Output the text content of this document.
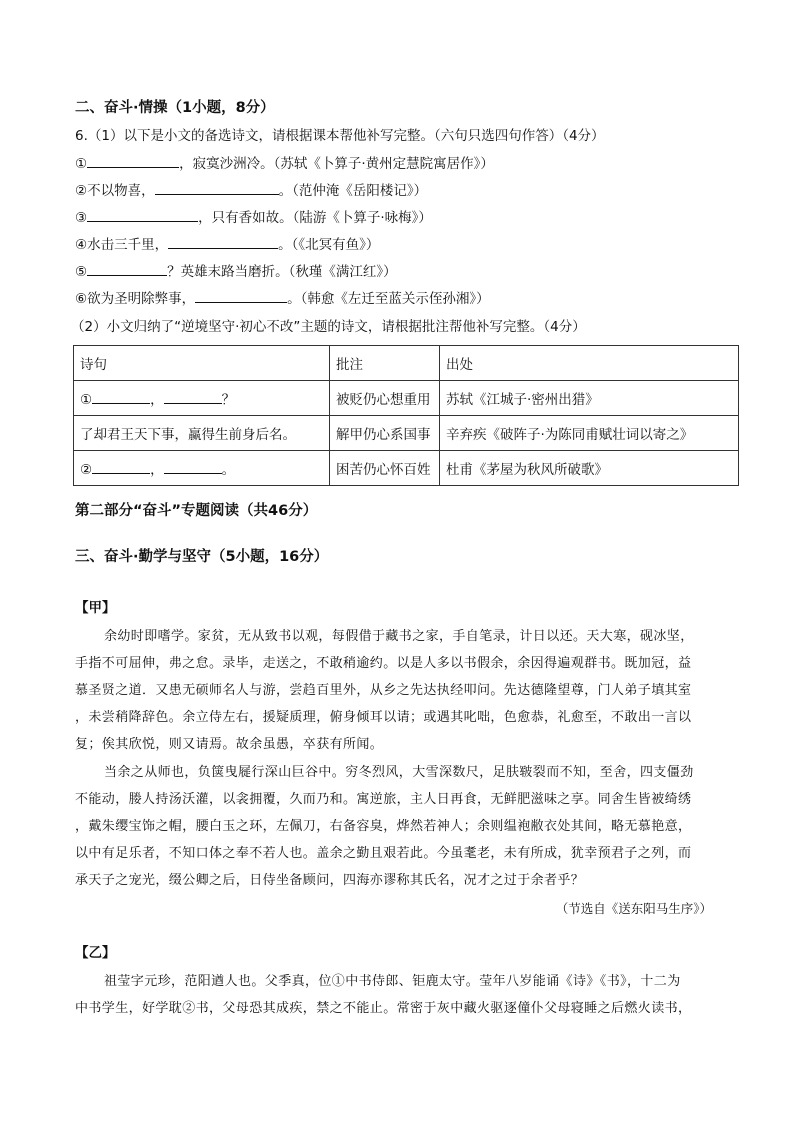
二、奋斗·情操（1小题，8分）
6.（1）以下是小文的备选诗文，请根据课本帮他补写完整。（六句只选四句作答）（4分）
①	，寂寞沙洲冷。（苏轼《卜算子·黄州定慧院寓居作》）
②不以物喜，	。（范仲淹《岳阳楼记》）
③	，只有香如故。（陆游《卜算子·咏梅》）
④水击三千里，	。（《北冥有鱼》）
⑤	？英雄末路当磨折。（秋瑾《满江红》）
⑥欲为圣明除弊事，	。（韩愈《左迁至蓝关示侄孙湘》）
（2）小文归纳了“逆境坚守·初心不改”主题的诗文，请根据批注帮他补写完整。（4分）
诗句	批注	出处
① ， ？	被贬仍心想重用	苏轼《江城子·密州出猎》
了却君王天下事，赢得生前身后名。	解甲仍心系国事	辛弃疾《破阵子·为陈同甫赋壮词以寄之》
② ， 。	困苦仍心怀百姓	杜甫《茅屋为秋风所破歌》
第二部分“奋斗”专题阅读（共46分）
三、奋斗·勤学与坚守（5小题，16分）
【甲】
余幼时即嗜学。家贫，无从致书以观，每假借于藏书之家，手自笔录，计日以还。天大寒，砚冰坚，
手指不可屈伸，弗之怠。录毕，走送之，不敢稍逾约。以是人多以书假余，余因得遍观群书。既加冠，益
慕圣贤之道．又患无硕师名人与游，尝趋百里外，从乡之先达执经叩问。先达德隆望尊，门人弟子填其室
，未尝稍降辞色。余立侍左右，援疑质理，俯身倾耳以请；或遇其叱咄，色愈恭，礼愈至，不敢出一言以
复；俟其欣悦，则又请焉。故余虽愚，卒获有所闻。
当余之从师也，负箧曳屣行深山巨谷中。穷冬烈风，大雪深数尺，足肤皲裂而不知，至舍，四支僵劲
不能动，媵人持汤沃灌，以衾拥覆，久而乃和。寓逆旅，主人日再食，无鲜肥滋味之享。同舍生皆被绮绣
，戴朱缨宝饰之帽，腰白玉之环，左佩刀，右备容臭，烨然若神人；余则缊袍敝衣处其间，略无慕艳意，
以中有足乐者，不知口体之奉不若人也。盖余之勤且艰若此。今虽耄老，未有所成，犹幸预君子之列，而
承天子之宠光，缀公卿之后，日侍坐备顾问，四海亦谬称其氏名，况才之过于余者乎？
（节选自《送东阳马生序》）
【乙】
祖莹字元珍，范阳遒人也。父季真，位①中书侍郎、钜鹿太守。莹年八岁能诵《诗》《书》，十二为
中书学生，好学耽②书，父母恐其成疾，禁之不能止。常密于灰中藏火驱逐僮仆父母寝睡之后燃火读书，
